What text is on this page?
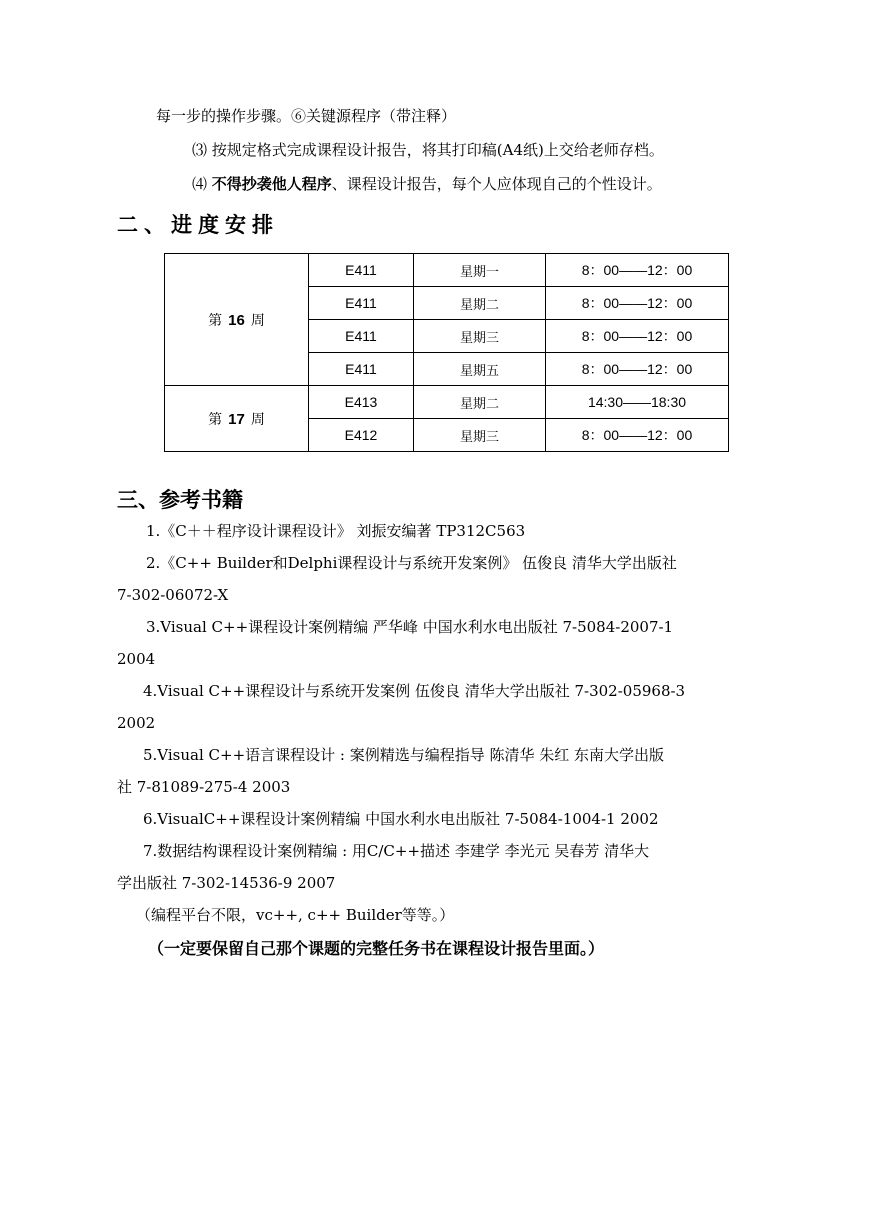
每一步的操作步骤。⑥关键源程序（带注释）
⑶ 按规定格式完成课程设计报告，将其打印稿(A4纸)上交给老师存档。
⑷ 不得抄袭他人程序、课程设计报告，每个人应体现自己的个性设计。
二、进度安排
第 16 周	E411	星期一	8：00——12：00
	E411	星期二	8：00——12：00
	E411	星期三	8：00——12：00
	E411	星期五	8：00——12：00
第 17 周	E413	星期二	14:30——18:30
	E412	星期三	8：00——12：00
三、参考书籍
1.《C＋＋程序设计课程设计》 刘振安编著 TP312C563
2.《C++ Builder和Delphi课程设计与系统开发案例》 伍俊良 清华大学出版社
7-302-06072-X
3.Visual C++课程设计案例精编 严华峰 中国水利水电出版社 7-5084-2007-1
2004
4.Visual C++课程设计与系统开发案例 伍俊良 清华大学出版社 7-302-05968-3
2002
5.Visual C++语言课程设计 : 案例精选与编程指导 陈清华 朱红 东南大学出版
社 7-81089-275-4 2003
6.VisualC++课程设计案例精编 中国水利水电出版社 7-5084-1004-1 2002
7.数据结构课程设计案例精编 : 用C/C++描述 李建学 李光元 吴春芳 清华大
学出版社 7-302-14536-9 2007
（编程平台不限，vc++, c++ Builder等等。）
（一定要保留自己那个课题的完整任务书在课程设计报告里面。）
